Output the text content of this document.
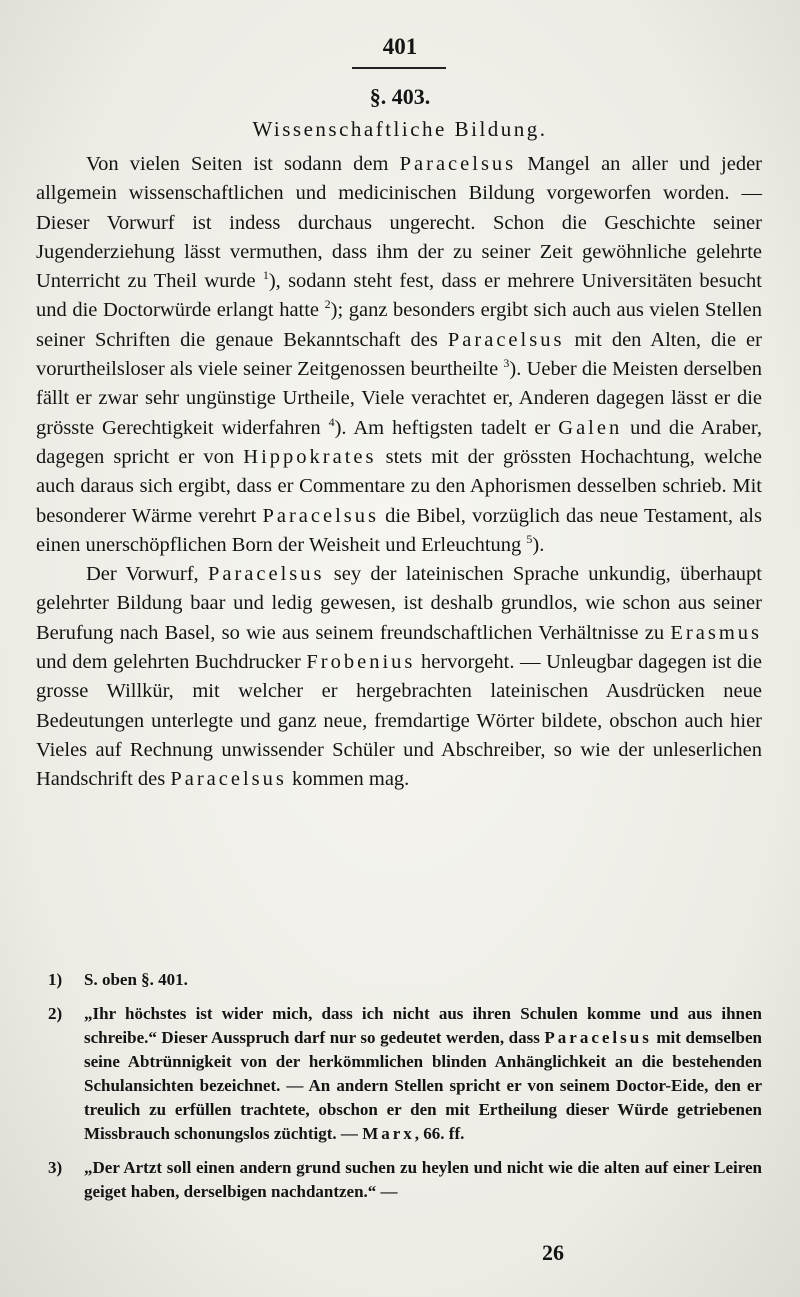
401
§. 403.
Wissenschaftliche Bildung.

Von vielen Seiten ist sodann dem Paracelsus Mangel an aller und jeder allgemein wissenschaftlichen und medicinischen Bildung vorgeworfen worden. — Dieser Vorwurf ist indess durchaus ungerecht. Schon die Geschichte seiner Jugenderziehung lässt vermuthen, dass ihm der zu seiner Zeit gewöhnliche gelehrte Unterricht zu Theil wurde $^1$), sodann steht fest, dass er mehrere Universitäten besucht und die Doctorwürde erlangt hatte $^2$); ganz besonders ergibt sich auch aus vielen Stellen seiner Schriften die genaue Bekanntschaft des Paracelsus mit den Alten, die er vorurtheilsloser als viele seiner Zeitgenossen beurtheilte $^3$). Ueber die Meisten derselben fällt er zwar sehr ungünstige Urtheile, Viele verachtet er, Anderen dagegen lässt er die grösste Gerechtigkeit widerfahren $^4$). Am heftigsten tadelt er Galen und die Araber, dagegen spricht er von Hippokrates stets mit der grössten Hochachtung, welche auch daraus sich ergibt, dass er Commentare zu den Aphorismen desselben schrieb. Mit besonderer Wärme verehrt Paracelsus die Bibel, vorzüglich das neue Testament, als einen unerschöpflichen Born der Weisheit und Erleuchtung $^5$).

Der Vorwurf, Paracelsus sey der lateinischen Sprache unkundig, überhaupt gelehrter Bildung baar und ledig gewesen, ist deshalb grundlos, wie schon aus seiner Berufung nach Basel, so wie aus seinem freundschaftlichen Verhältnisse zu Erasmus und dem gelehrten Buchdrucker Frobenius hervorgeht. — Unleugbar dagegen ist die grosse Willkür, mit welcher er hergebrachten lateinischen Ausdrücken neue Bedeutungen unterlegte und ganz neue, fremdartige Wörter bildete, obschon auch hier Vieles auf Rechnung unwissender Schüler und Abschreiber, so wie der unleserlichen Handschrift des Paracelsus kommen mag.

1) S. oben §. 401.
2) „Ihr höchstes ist wider mich, dass ich nicht aus ihren Schulen komme und aus ihnen schreibe.“ Dieser Ausspruch darf nur so gedeutet werden, dass Paracelsus mit demselben seine Abtrünnigkeit von der herkömmlichen blinden Anhänglichkeit an die bestehenden Schulansichten bezeichnet. — An andern Stellen spricht er von seinem Doctor-Eide, den er treulich zu erfüllen trachtete, obschon er den mit Ertheilung dieser Würde getriebenen Missbrauch schonungslos züchtigt. — Marx, 66. ff.
3) „Der Artzt soll einen andern grund suchen zu heylen und nicht wie die alten auf einer Leiren geiget haben, derselbigen nachdantzen.“ —
26
